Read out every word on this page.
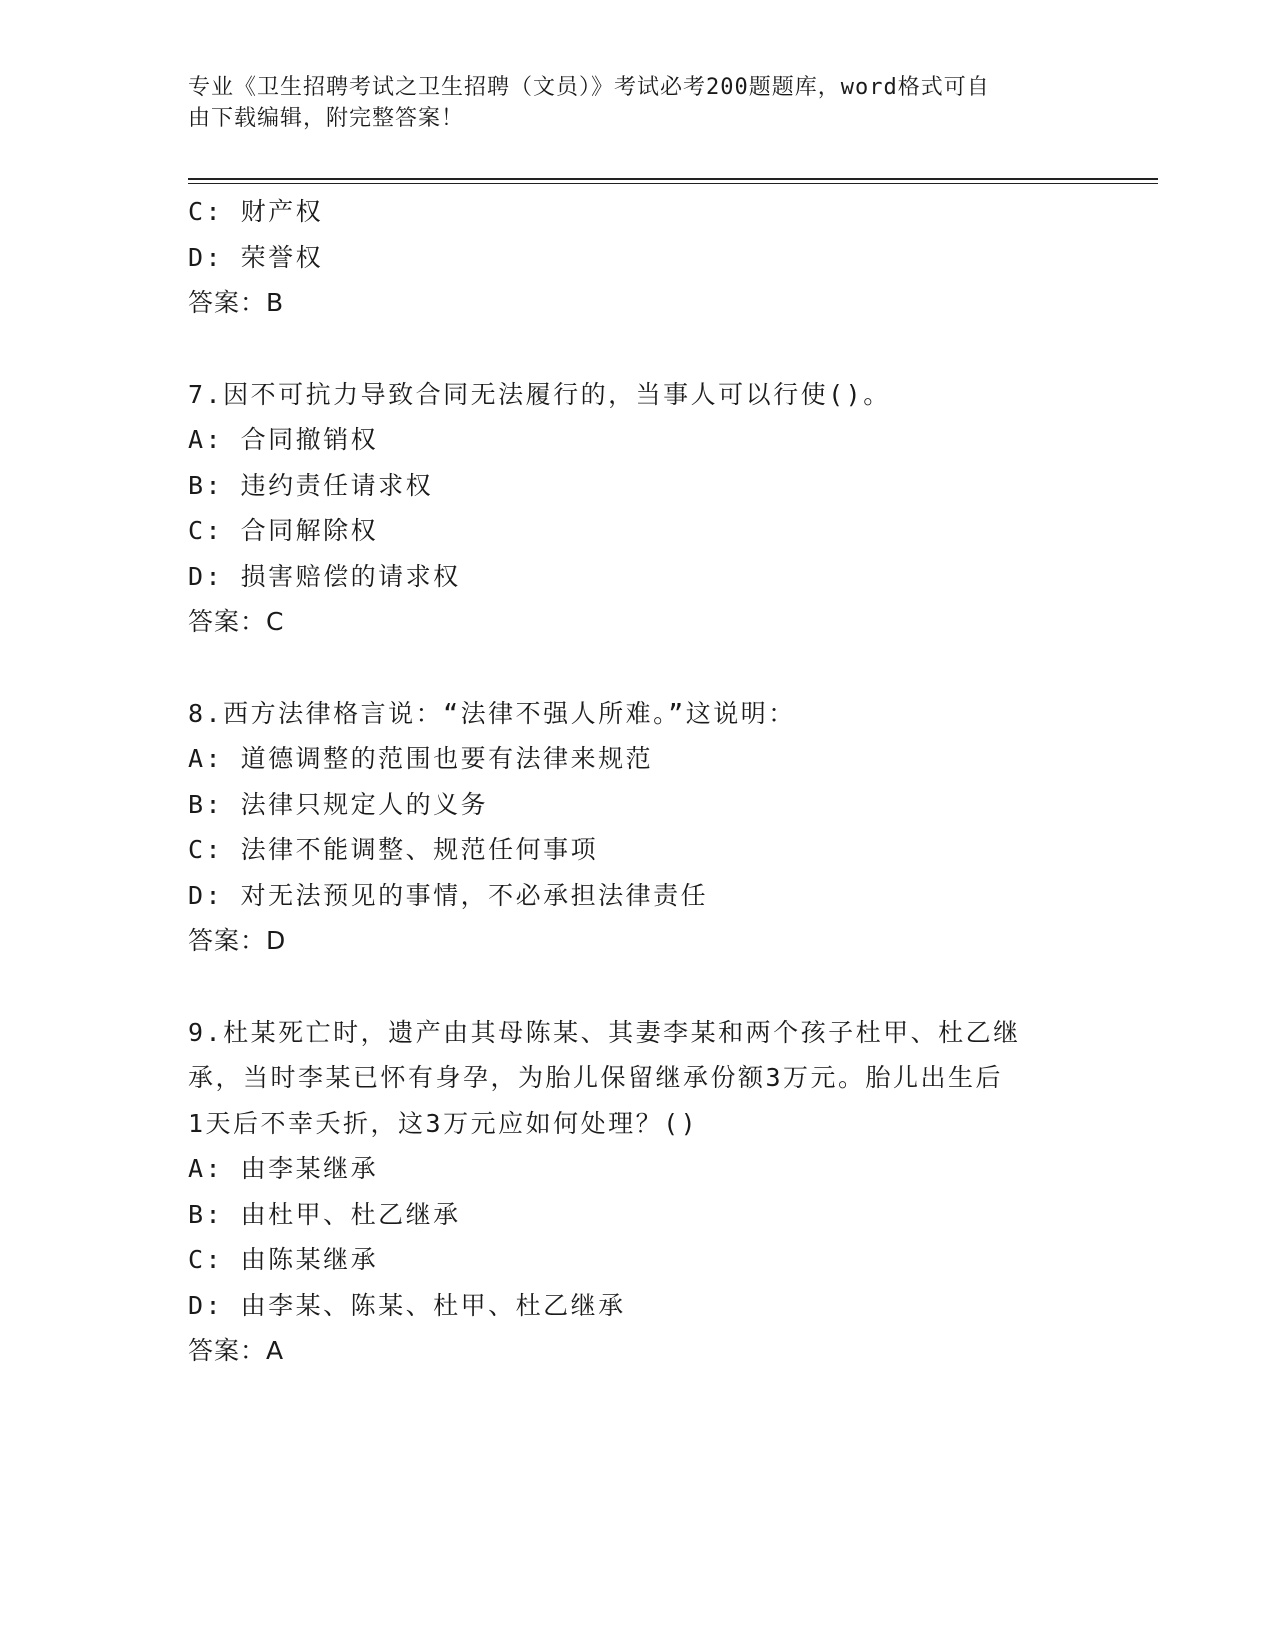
专业《卫生招聘考试之卫生招聘（文员）》考试必考200题题库，word格式可自
由下载编辑，附完整答案！
C: 财产权
D: 荣誉权
答案：B
7.因不可抗力导致合同无法履行的，当事人可以行使()。
A: 合同撤销权
B: 违约责任请求权
C: 合同解除权
D: 损害赔偿的请求权
答案：C
8.西方法律格言说：“法律不强人所难。”这说明：
A: 道德调整的范围也要有法律来规范
B: 法律只规定人的义务
C: 法律不能调整、规范任何事项
D: 对无法预见的事情，不必承担法律责任
答案：D
9.杜某死亡时，遗产由其母陈某、其妻李某和两个孩子杜甲、杜乙继
承，当时李某已怀有身孕，为胎儿保留继承份额3万元。胎儿出生后
1天后不幸夭折，这3万元应如何处理？()
A: 由李某继承
B: 由杜甲、杜乙继承
C: 由陈某继承
D: 由李某、陈某、杜甲、杜乙继承
答案：A
